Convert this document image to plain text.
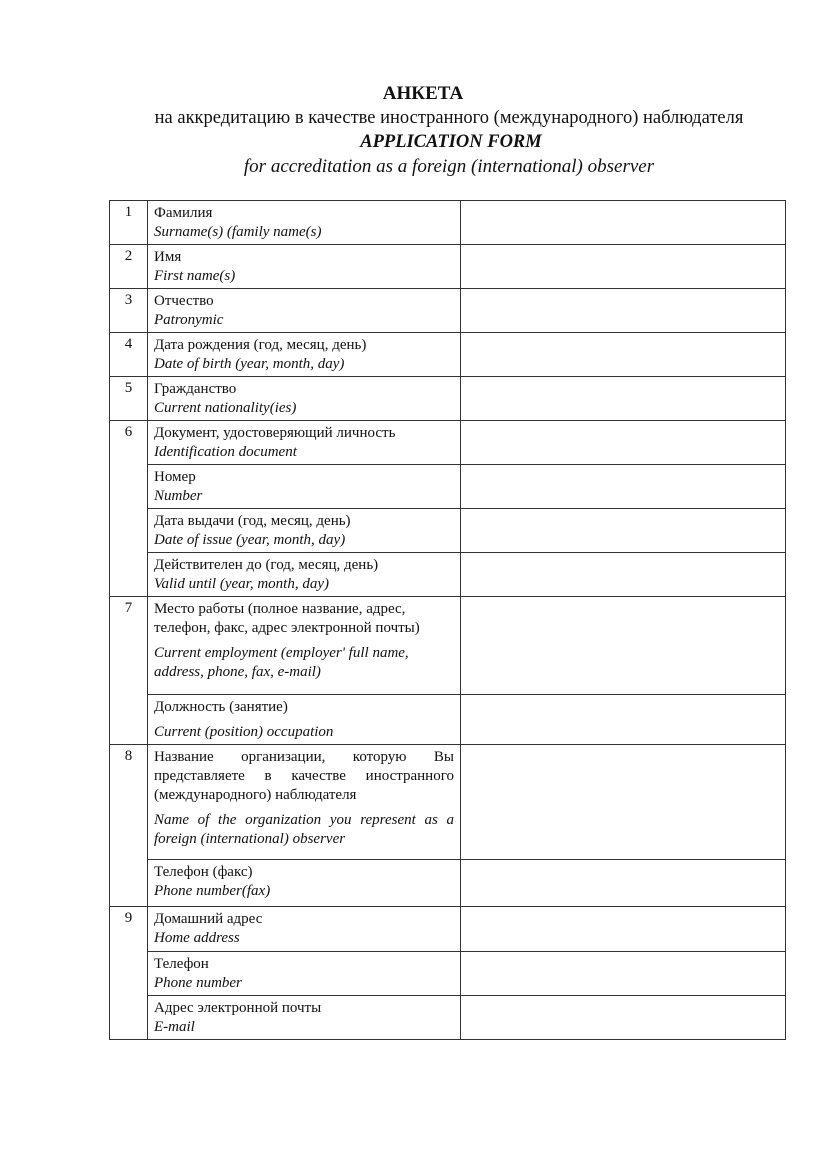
АНКЕТА
на аккредитацию в качестве иностранного (международного) наблюдателя
APPLICATION FORM
for accreditation as a foreign (international) observer
1	Фамилия
Surname(s) (family name(s)	

2	Имя
First name(s)	

3	Отчество
Patronymic	

4	Дата рождения (год, месяц, день)
Date of birth (year, month, day)	

5	Гражданство
Current nationality(ies)	

6	Документ, удостоверяющий личность
Identification document	

	Номер
Number	

	Дата выдачи (год, месяц, день)
Date of issue (year, month, day)	

	Действителен до (год, месяц, день)
Valid until (year, month, day)	

7	Место работы (полное название, адрес, телефон, факс, адрес электронной почты)
Current employment (employer' full name, address, phone, fax, e-mail)	

	Должность (занятие)
Current (position) occupation	

8	Название организации, которую Вы представляете в качестве иностранного (международного) наблюдателя
Name of the organization you represent as a foreign (international) observer	

	Телефон (факс)
Phone number(fax)	

9	Домашний адрес
Home address	

	Телефон
Phone number	

	Адрес электронной почты
E-mail	
